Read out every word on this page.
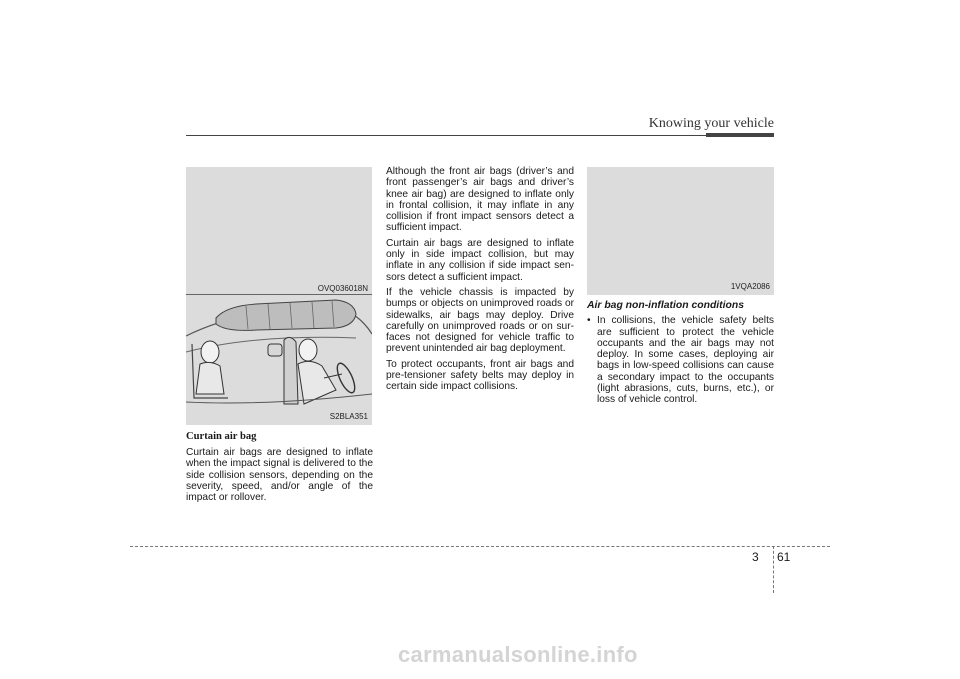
Knowing your vehicle
OVQ036018N
S2BLA351

Curtain air bag

Curtain air bags are designed to inflate when the impact signal is delivered to the side collision sensors, depending on the severity, speed, and/or angle of the impact or rollover.

Although the front air bags (driver’s and front passenger’s air bags and driver’s knee air bag) are designed to inflate only in frontal collision, it may inflate in any collision if front impact sensors detect a sufficient impact.

Curtain air bags are designed to inflate only in side impact collision, but may inflate in any collision if side impact sen-sors detect a sufficient impact.

If the vehicle chassis is impacted by bumps or objects on unimproved roads or sidewalks, air bags may deploy. Drive carefully on unimproved roads or on sur-faces not designed for vehicle traffic to prevent unintended air bag deployment.

To protect occupants, front air bags and pre-tensioner safety belts may deploy in certain side impact collisions.

1VQA2086

Air bag non-inflation conditions

• In collisions, the vehicle safety belts are sufficient to protect the vehicle occupants and the air bags may not deploy. In some cases, deploying air bags in low-speed collisions can cause a secondary impact to the occupants (light abrasions, cuts, burns, etc.), or loss of vehicle control.
3 61
carmanualsonline.info
